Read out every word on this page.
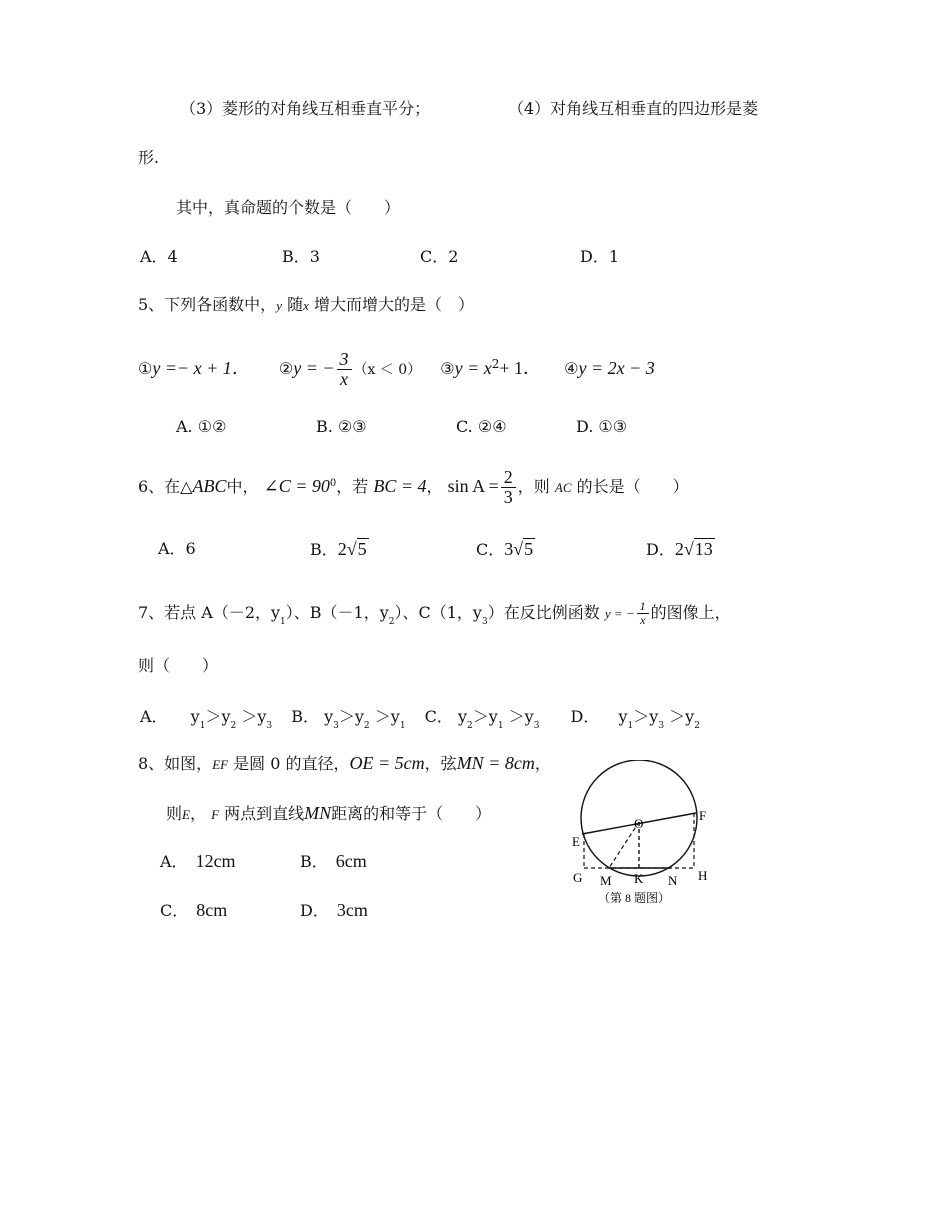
（3）菱形的对角线互相垂直平分；	（4）对角线互相垂直的四边形是菱
形.
其中，真命题的个数是（　　）
A．4	B．3	C．2	D．1
5、下列各函数中，y 随x 增大而增大的是（　）
①y =− x + 1． ②y = − $\frac{3}{x} (x < 0)$ ③y = $x^2+ 1$． ④y = 2x − 3
A. ①②	B. ②③	C. ②④	D. ①③
6、在△ABC中， ∠C = $90^0$，若 BC = 4， $\sin A = \frac{2}{3}$ ，则 AC 的长是（　　）
A．6	B．2√5	C．3√5	D．2√13
7、若点 A（－2，$y_1$）、B（－1，$y_2$）、C（1，$y_3$）在反比例函数 y = − $\frac{1}{x}$ 的图像上，
则（　　）
A． $y_1>y_2 >y_3$ B． $y_3>y_2 >y_1$ C． $y_2>y_1 >y_3$ D． $y_1>y_3 >y_2$
8、如图，EF 是圆 0 的直径，OE = 5cm，弦MN = 8cm，
则E， F 两点到直线MN距离的和等于（　　）
A． 12cm	B． 6cm
C． 8cm	D． 3cm
O
F
E
G M K N H
（第 8 题图）
